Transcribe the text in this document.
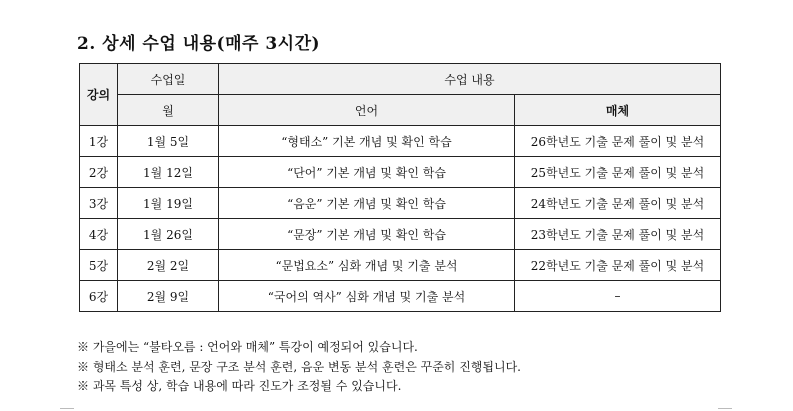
2. 상세 수업 내용(매주 3시간)
강의	수업일	수업 내용	
	월	언어	매체
1강	1월 5일	“형태소” 기본 개념 및 확인 학습	26학년도 기출 문제 풀이 및 분석
2강	1월 12일	“단어” 기본 개념 및 확인 학습	25학년도 기출 문제 풀이 및 분석
3강	1월 19일	“음운” 기본 개념 및 확인 학습	24학년도 기출 문제 풀이 및 분석
4강	1월 26일	“문장” 기본 개념 및 확인 학습	23학년도 기출 문제 풀이 및 분석
5강	2월 2일	“문법요소” 심화 개념 및 기출 분석	22학년도 기출 문제 풀이 및 분석
6강	2월 9일	“국어의 역사” 심화 개념 및 기출 분석	–
※ 가을에는 “불타오름 : 언어와 매체” 특강이 예정되어 있습니다.
※ 형태소 분석 훈련, 문장 구조 분석 훈련, 음운 변동 분석 훈련은 꾸준히 진행됩니다.
※ 과목 특성 상, 학습 내용에 따라 진도가 조정될 수 있습니다.
